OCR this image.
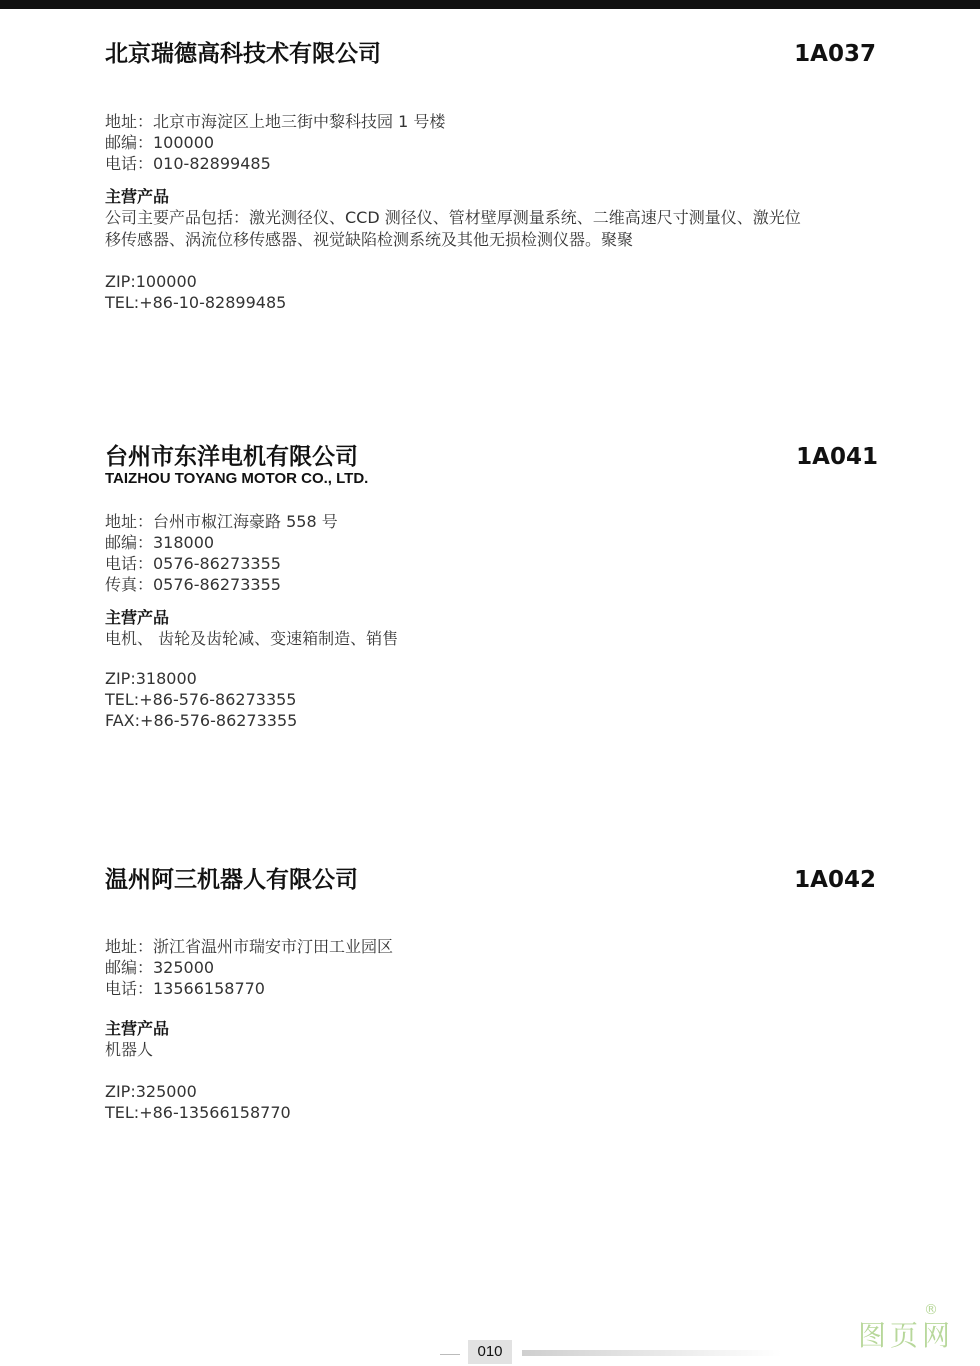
北京瑞德高科技术有限公司	1A037
地址：北京市海淀区上地三街中黎科技园 1 号楼
邮编：100000
电话：010-82899485
主营产品
公司主要产品包括：激光测径仪、CCD 测径仪、管材壁厚测量系统、二维高速尺寸测量仪、激光位
移传感器、涡流位移传感器、视觉缺陷检测系统及其他无损检测仪器。聚聚
ZIP:100000
TEL:+86-10-82899485
台州市东洋电机有限公司	1A041
TAIZHOU TOYANG MOTOR CO., LTD.
地址：台州市椒江海豪路 558 号
邮编：318000
电话：0576-86273355
传真：0576-86273355
主营产品
电机、 齿轮及齿轮减、变速箱制造、销售
ZIP:318000
TEL:+86-576-86273355
FAX:+86-576-86273355
温州阿三机器人有限公司	1A042
地址：浙江省温州市瑞安市汀田工业园区
邮编：325000
电话：13566158770
主营产品
机器人
ZIP:325000
TEL:+86-13566158770
图页网
®
010
